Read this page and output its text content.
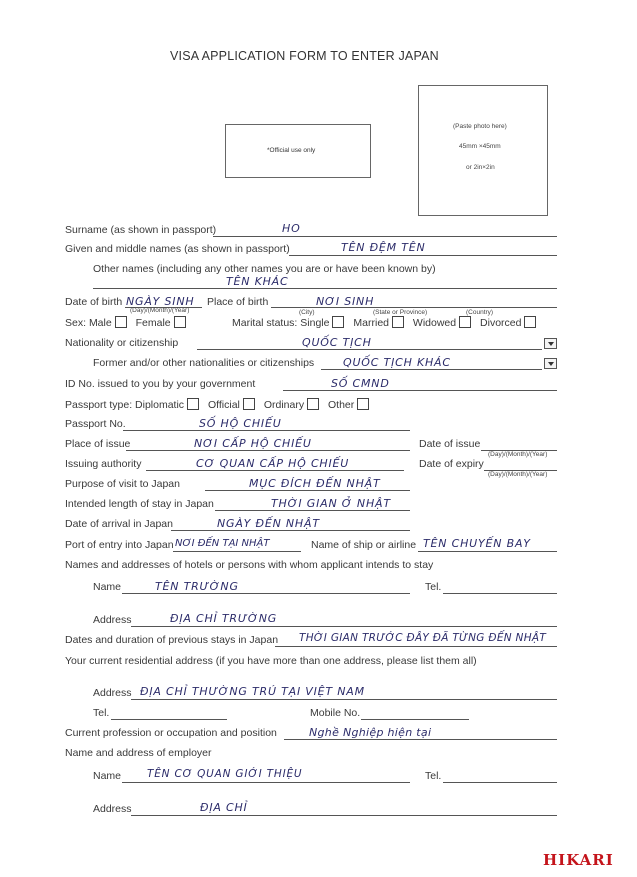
VISA APPLICATION FORM TO ENTER JAPAN
*Official use only
(Paste photo here)
45mm ×45mm
or 2in×2in
Surname (as shown in passport)	HO
Given and middle names (as shown in passport)	TÊN ĐỆM TÊN
Other names (including any other names you are or have been known by)
TÊN KHÁC
Date of birth NGÀY SINH
(Day)/(Month)/(Year)
Place of birth	NƠI SINH
(City)	(State or Province)	(Country)
Sex: Male Female	Marital status: Single Married Widowed Divorced
Nationality or citizenship	QUỐC TỊCH
Former and/or other nationalities or citizenships	QUỐC TỊCH KHÁC
ID No. issued to you by your government	SỐ CMND
Passport type: Diplomatic Official Ordinary Other
Passport No.	SỐ HỘ CHIẾU
Place of issue	NƠI CẤP HỘ CHIẾU	Date of issue
(Day)/(Month)/(Year)
Issuing authority	CƠ QUAN CẤP HỘ CHIẾU	Date of expiry
(Day)/(Month)/(Year)
Purpose of visit to Japan	MỤC ĐÍCH ĐẾN NHẬT
Intended length of stay in Japan	THỜI GIAN Ở NHẬT
Date of arrival in Japan	NGÀY ĐẾN NHẬT
Port of entry into Japan NƠI ĐẾN TẠI NHẬT	Name of ship or airline TÊN CHUYẾN BAY
Names and addresses of hotels or persons with whom applicant intends to stay
Name	TÊN TRƯỜNG	Tel.
Address	ĐỊA CHỈ TRƯỜNG
Dates and duration of previous stays in Japan THỜI GIAN TRƯỚC ĐÂY ĐÃ TỪNG ĐẾN NHẬT
Your current residential address (if you have more than one address, please list them all)
Address ĐỊA CHỈ THƯỜNG TRÚ TẠI VIỆT NAM
Tel.	Mobile No.
Current profession or occupation and position	Nghề Nghiệp hiện tại
Name and address of employer
Name TÊN CƠ QUAN GIỚI THIỆU	Tel.
Address	ĐỊA CHỈ
HIKARI
